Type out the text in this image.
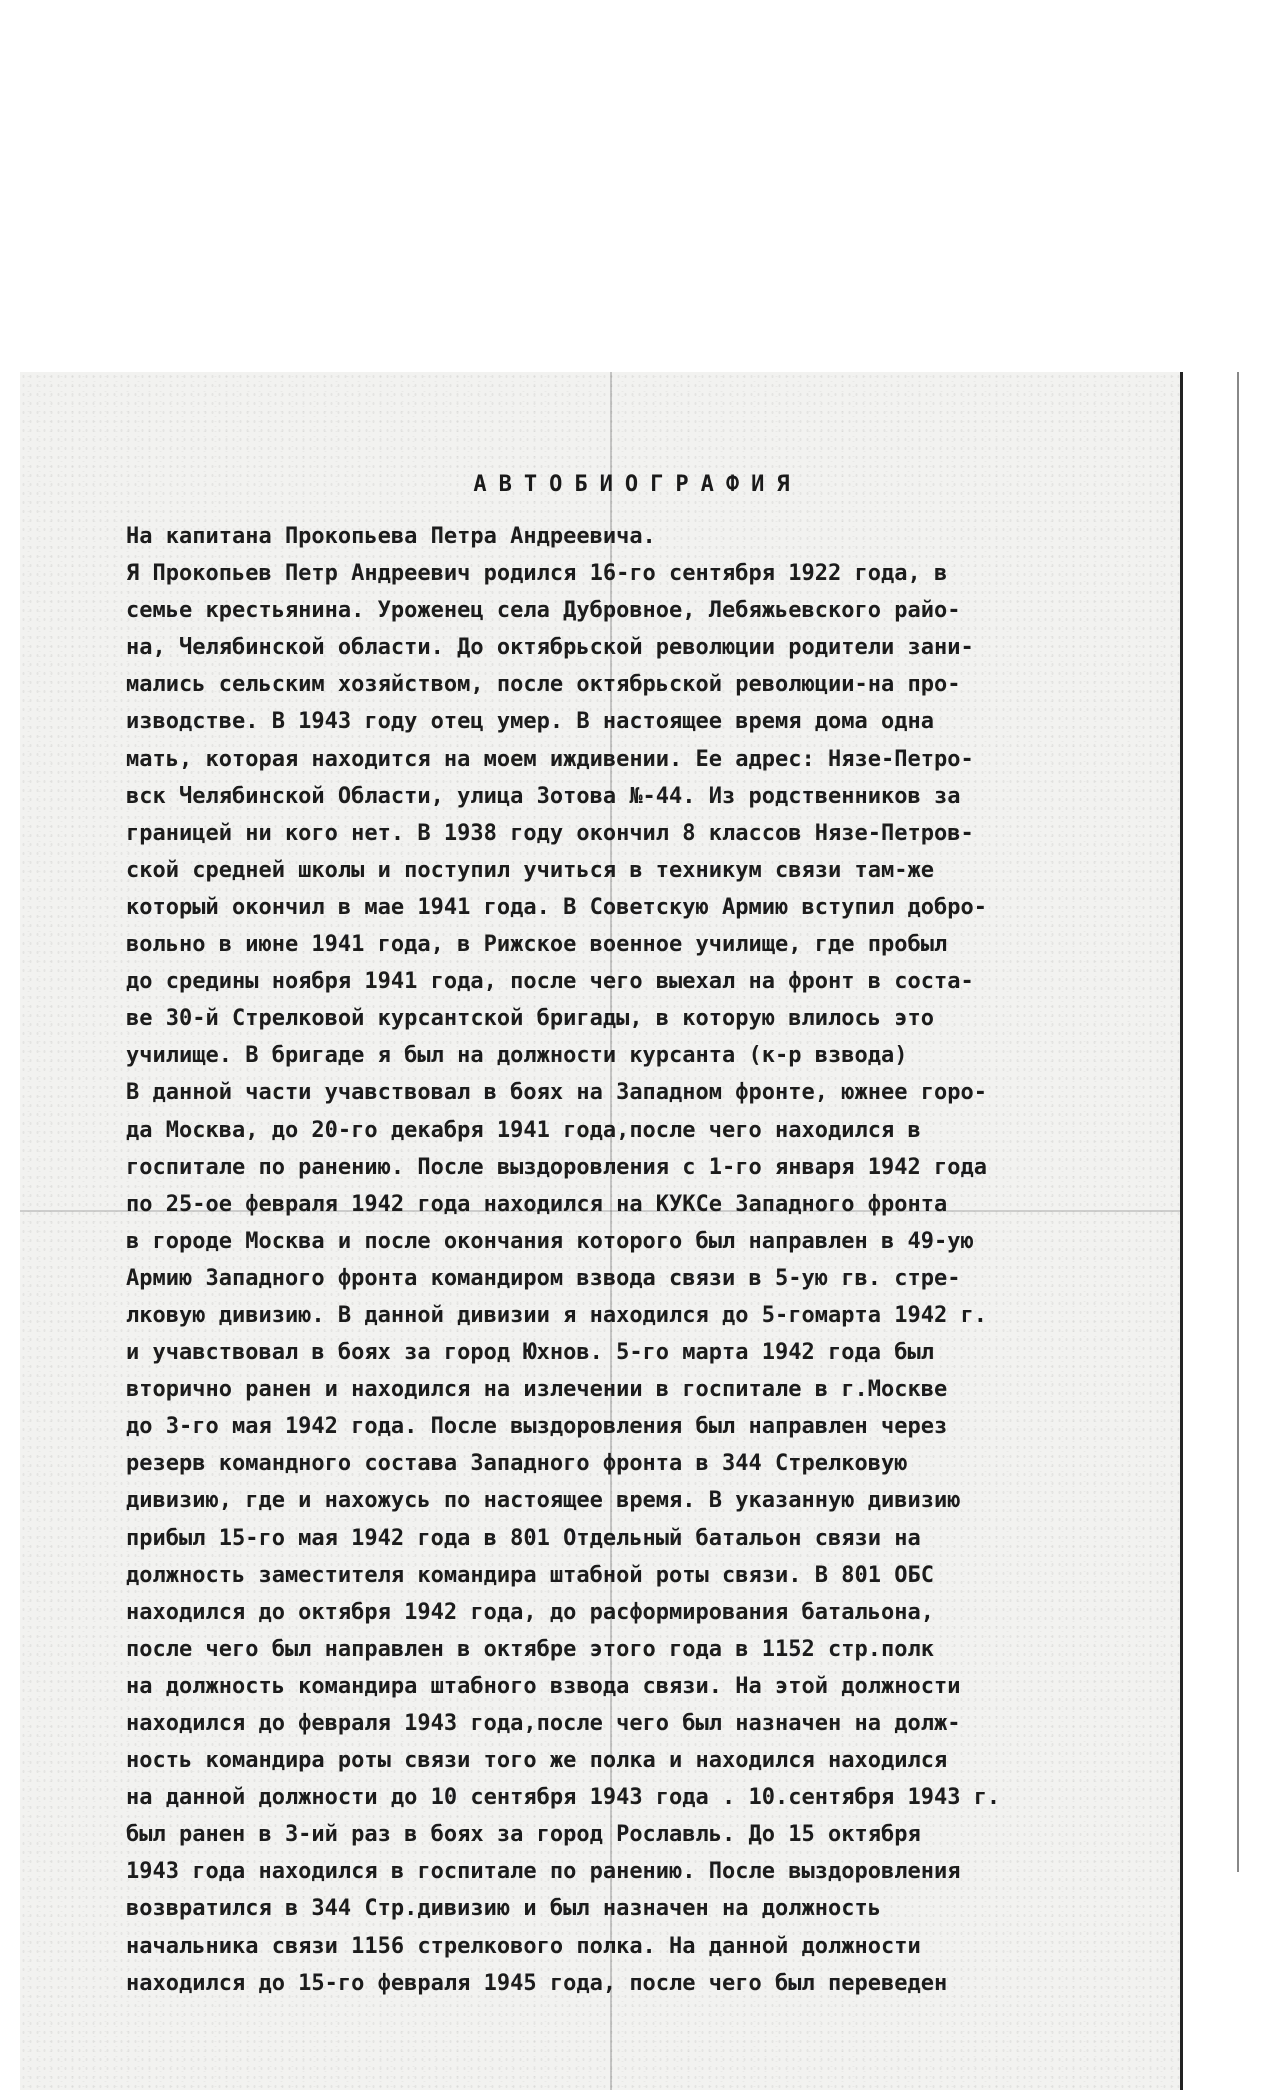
АВТОБИОГРАФИЯ
На капитана Прокопьева Петра Андреевича.
Я Прокопьев Петр Андреевич родился 16-го сентября 1922 года, в
семье крестьянина. Уроженец села Дубровное, Лебяжьевского райо-
на, Челябинской области. До октябрьской революции родители зани-
мались сельским хозяйством, после октябрьской революции-на про-
изводстве. В 1943 году отец умер. В настоящее время дома одна
мать, которая находится на моем иждивении. Ее адрес: Нязе-Петро-
вск Челябинской Области, улица Зотова №-44. Из родственников за
границей ни кого нет. В 1938 году окончил 8 классов Нязе-Петров-
ской средней школы и поступил учиться в техникум связи там-же
который окончил в мае 1941 года. В Советскую Армию вступил добро-
вольно в июне 1941 года, в Рижское военное училище, где пробыл
до средины ноября 1941 года, после чего выехал на фронт в соста-
ве 30-й Стрелковой курсантской бригады, в которую влилось это
училище. В бригаде я был на должности курсанта (к-р взвода)
В данной части учавствовал в боях на Западном фронте, южнее горо-
да Москва, до 20-го декабря 1941 года,после чего находился в
госпитале по ранению. После выздоровления с 1-го января 1942 года
по 25-ое февраля 1942 года находился на КУКСе Западного фронта
в городе Москва и после окончания которого был направлен в 49-ую
Армию Западного фронта командиром взвода связи в 5-ую гв. стре-
лковую дивизию. В данной дивизии я находился до 5-гомарта 1942 г.
и учавствовал в боях за город Юхнов. 5-го марта 1942 года был
вторично ранен и находился на излечении в госпитале в г.Москве
до 3-го мая 1942 года. После выздоровления был направлен через
резерв командного состава Западного фронта в 344 Стрелковую
дивизию, где и нахожусь по настоящее время. В указанную дивизию
прибыл 15-го мая 1942 года в 801 Отдельный батальон связи на
должность заместителя командира штабной роты связи. В 801 ОБС
находился до октября 1942 года, до расформирования батальона,
после чего был направлен в октябре этого года в 1152 стр.полк
на должность командира штабного взвода связи. На этой должности
находился до февраля 1943 года,после чего был назначен на долж-
ность командира роты связи того же полка и находился находился
на данной должности до 10 сентября 1943 года . 10.сентября 1943 г.
был ранен в 3-ий раз в боях за город Рославль. До 15 октября
1943 года находился в госпитале по ранению. После выздоровления
возвратился в 344 Стр.дивизию и был назначен на должность
начальника связи 1156 стрелкового полка. На данной должности
находился до 15-го февраля 1945 года, после чего был переведен
